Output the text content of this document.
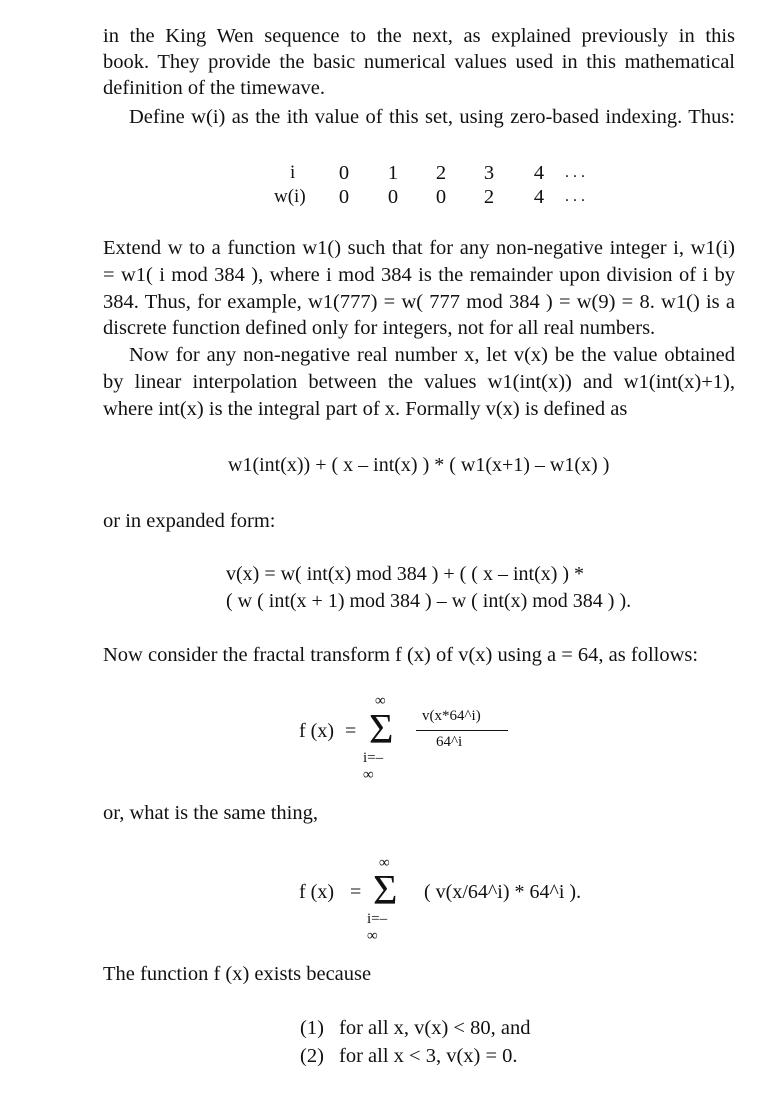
in the King Wen sequence to the next, as explained previously in this
book. They provide the basic numerical values used in this mathematical
definition of the timewave.
Define w(i) as the ith value of this set, using zero-based indexing. Thus:
i	0	1	2	3	4	. . .
w(i)	0	0	0	2	4	. . .
Extend w to a function w1() such that for any non-negative integer i, w1(i)
= w1( i mod 384 ), where i mod 384 is the remainder upon division of i by
384. Thus, for example, w1(777) = w( 777 mod 384 ) = w(9) = 8. w1() is a
discrete function defined only for integers, not for all real numbers.
Now for any non-negative real number x, let v(x) be the value obtained
by linear interpolation between the values w1(int(x)) and w1(int(x)+1),
where int(x) is the integral part of x. Formally v(x) is defined as
w1(int(x)) + ( x – int(x) ) * ( w1(x+1) – w1(x) )
or in expanded form:
v(x) = w( int(x) mod 384 ) + ( ( x – int(x) ) *
( w ( int(x + 1) mod 384 ) – w ( int(x) mod 384 ) ).
Now consider the fractal transform f (x) of v(x) using a = 64, as follows:
f (x) = Σ
∞
i=–∞
v(x*64^i)
64^i
or, what is the same thing,
f (x) = Σ
∞
i=–∞
( v(x/64^i) * 64^i ).
The function f (x) exists because
(1) for all x, v(x) < 80, and
(2) for all x < 3, v(x) = 0.
